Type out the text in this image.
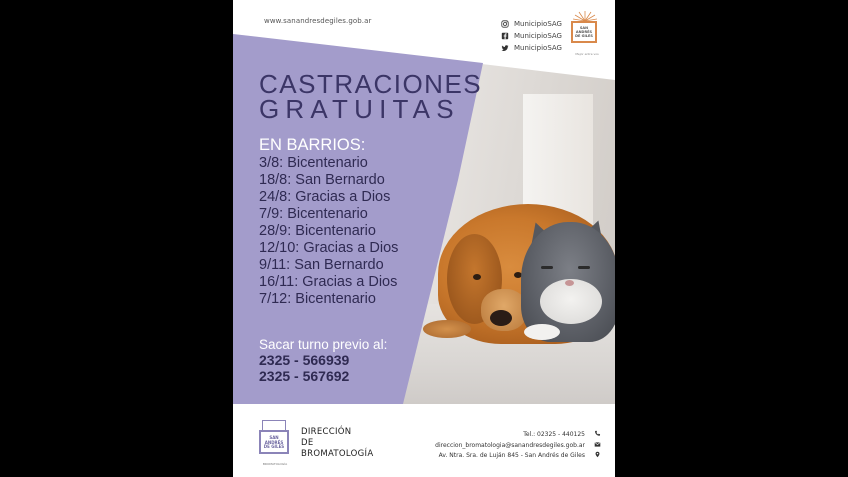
www.sanandresdegiles.gob.ar	MunicipioSAG
MunicipioSAG
MunicipioSAG
SAN
ANDRÉS
DE GILES
Mejor entre vos
CASTRACIONES
GRATUITAS
EN BARRIOS:
3/8: Bicentenario
18/8: San Bernardo
24/8: Gracias a Dios
7/9: Bicentenario
28/9: Bicentenario
12/10: Gracias a Dios
9/11: San Bernardo
16/11: Gracias a Dios
7/12: Bicentenario
Sacar turno previo al:
2325 - 566939
2325 - 567692
SAN
ANDRÉS
DE GILES
BROMATOLOGÍA
DIRECCIÓN
DE
BROMATOLOGÍA
Tel.: 02325 - 440125
direccion_bromatologia@sanandresdegiles.gob.ar
Av. Ntra. Sra. de Luján 845 - San Andrés de Giles
